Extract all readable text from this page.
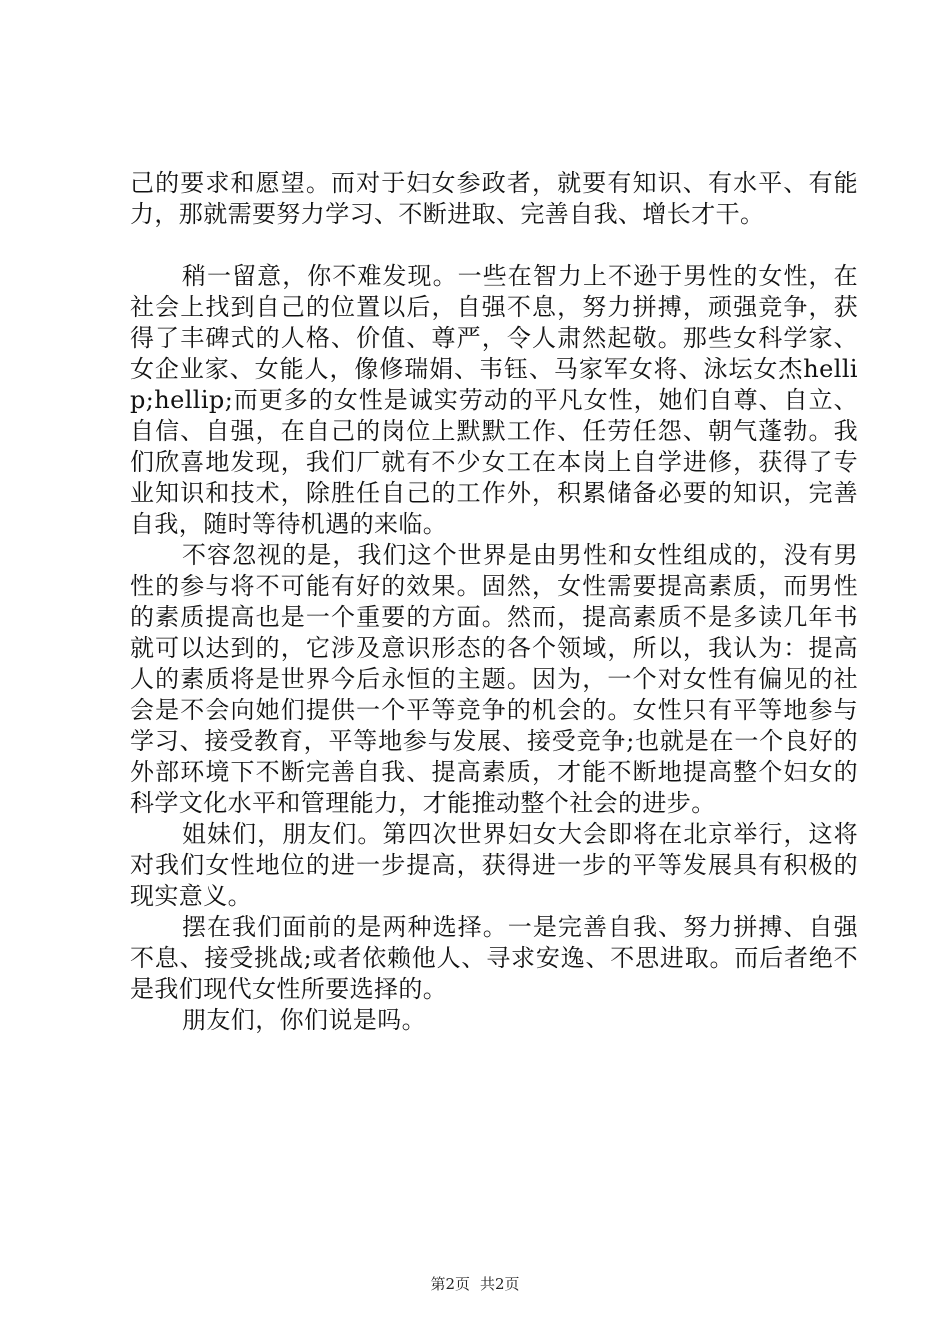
己的要求和愿望。而对于妇女参政者，就要有知识、有水平、有能力，那就需要努力学习、不断进取、完善自我、增长才干。

稍一留意，你不难发现。一些在智力上不逊于男性的女性，在社会上找到自己的位置以后，自强不息，努力拼搏，顽强竞争，获得了丰碑式的人格、价值、尊严，令人肃然起敬。那些女科学家、女企业家、女能人，像修瑞娟、韦钰、马家军女将、泳坛女杰hellip;hellip;而更多的女性是诚实劳动的平凡女性，她们自尊、自立、自信、自强，在自己的岗位上默默工作、任劳任怨、朝气蓬勃。我们欣喜地发现，我们厂就有不少女工在本岗上自学进修，获得了专业知识和技术，除胜任自己的工作外，积累储备必要的知识，完善自我，随时等待机遇的来临。

不容忽视的是，我们这个世界是由男性和女性组成的，没有男性的参与将不可能有好的效果。固然，女性需要提高素质，而男性的素质提高也是一个重要的方面。然而，提高素质不是多读几年书就可以达到的，它涉及意识形态的各个领域，所以，我认为：提高人的素质将是世界今后永恒的主题。因为，一个对女性有偏见的社会是不会向她们提供一个平等竞争的机会的。女性只有平等地参与学习、接受教育，平等地参与发展、接受竞争;也就是在一个良好的外部环境下不断完善自我、提高素质，才能不断地提高整个妇女的科学文化水平和管理能力，才能推动整个社会的进步。

姐妹们，朋友们。第四次世界妇女大会即将在北京举行，这将对我们女性地位的进一步提高，获得进一步的平等发展具有积极的现实意义。

摆在我们面前的是两种选择。一是完善自我、努力拼搏、自强不息、接受挑战;或者依赖他人、寻求安逸、不思进取。而后者绝不是我们现代女性所要选择的。

朋友们，你们说是吗。

第2页 共2页
